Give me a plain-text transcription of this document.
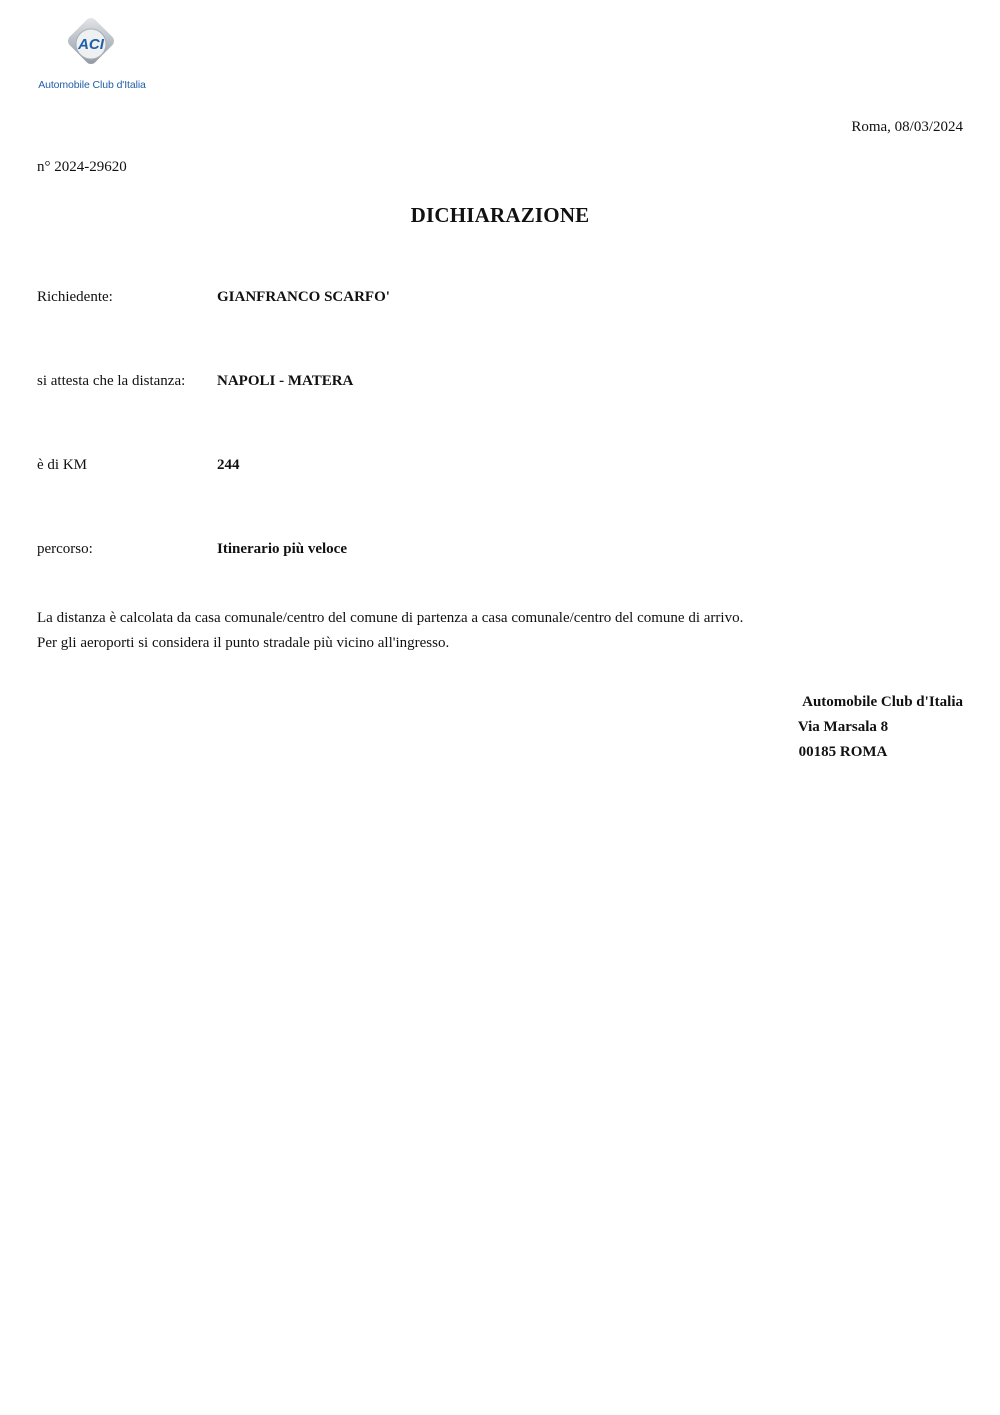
ACI
Automobile Club d'Italia
Roma, 08/03/2024
n° 2024-29620
DICHIARAZIONE
Richiedente:	GIANFRANCO SCARFO'
si attesta che la distanza: NAPOLI - MATERA
è di KM	244
percorso:	Itinerario più veloce
La distanza è calcolata da casa comunale/centro del comune di partenza a casa comunale/centro del comune di arrivo.
Per gli aeroporti si considera il punto stradale più vicino all'ingresso.
Automobile Club d'Italia
Via Marsala 8
00185 ROMA
